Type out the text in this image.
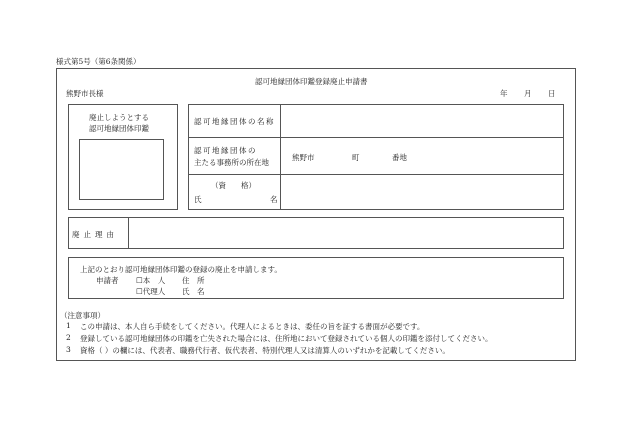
様式第5号（第6条関係）
認可地縁団体印鑑登録廃止申請書
熊野市長様	年 月 日
廃止しようとする
認可地縁団体印鑑
認可地縁団体の名称
認可地縁団体の
主たる事務所の所在地
熊野市	町	番地
（資　　格）
氏	名
廃止理由
上記のとおり認可地縁団体印鑑の登録の廃止を申請します。
申請者 ☐本　人 住　所
☐代理人 氏　名
（注意事項）
1 この申請は、本人自ら手続をしてください。代理人によるときは、委任の旨を証する書面が必要です。
2 登録している認可地縁団体の印鑑を亡失された場合には、住所地において登録されている個人の印鑑を添付してください。
3 資格（ ）の欄には、代表者、職務代行者、仮代表者、特別代理人又は清算人のいずれかを記載してください。
